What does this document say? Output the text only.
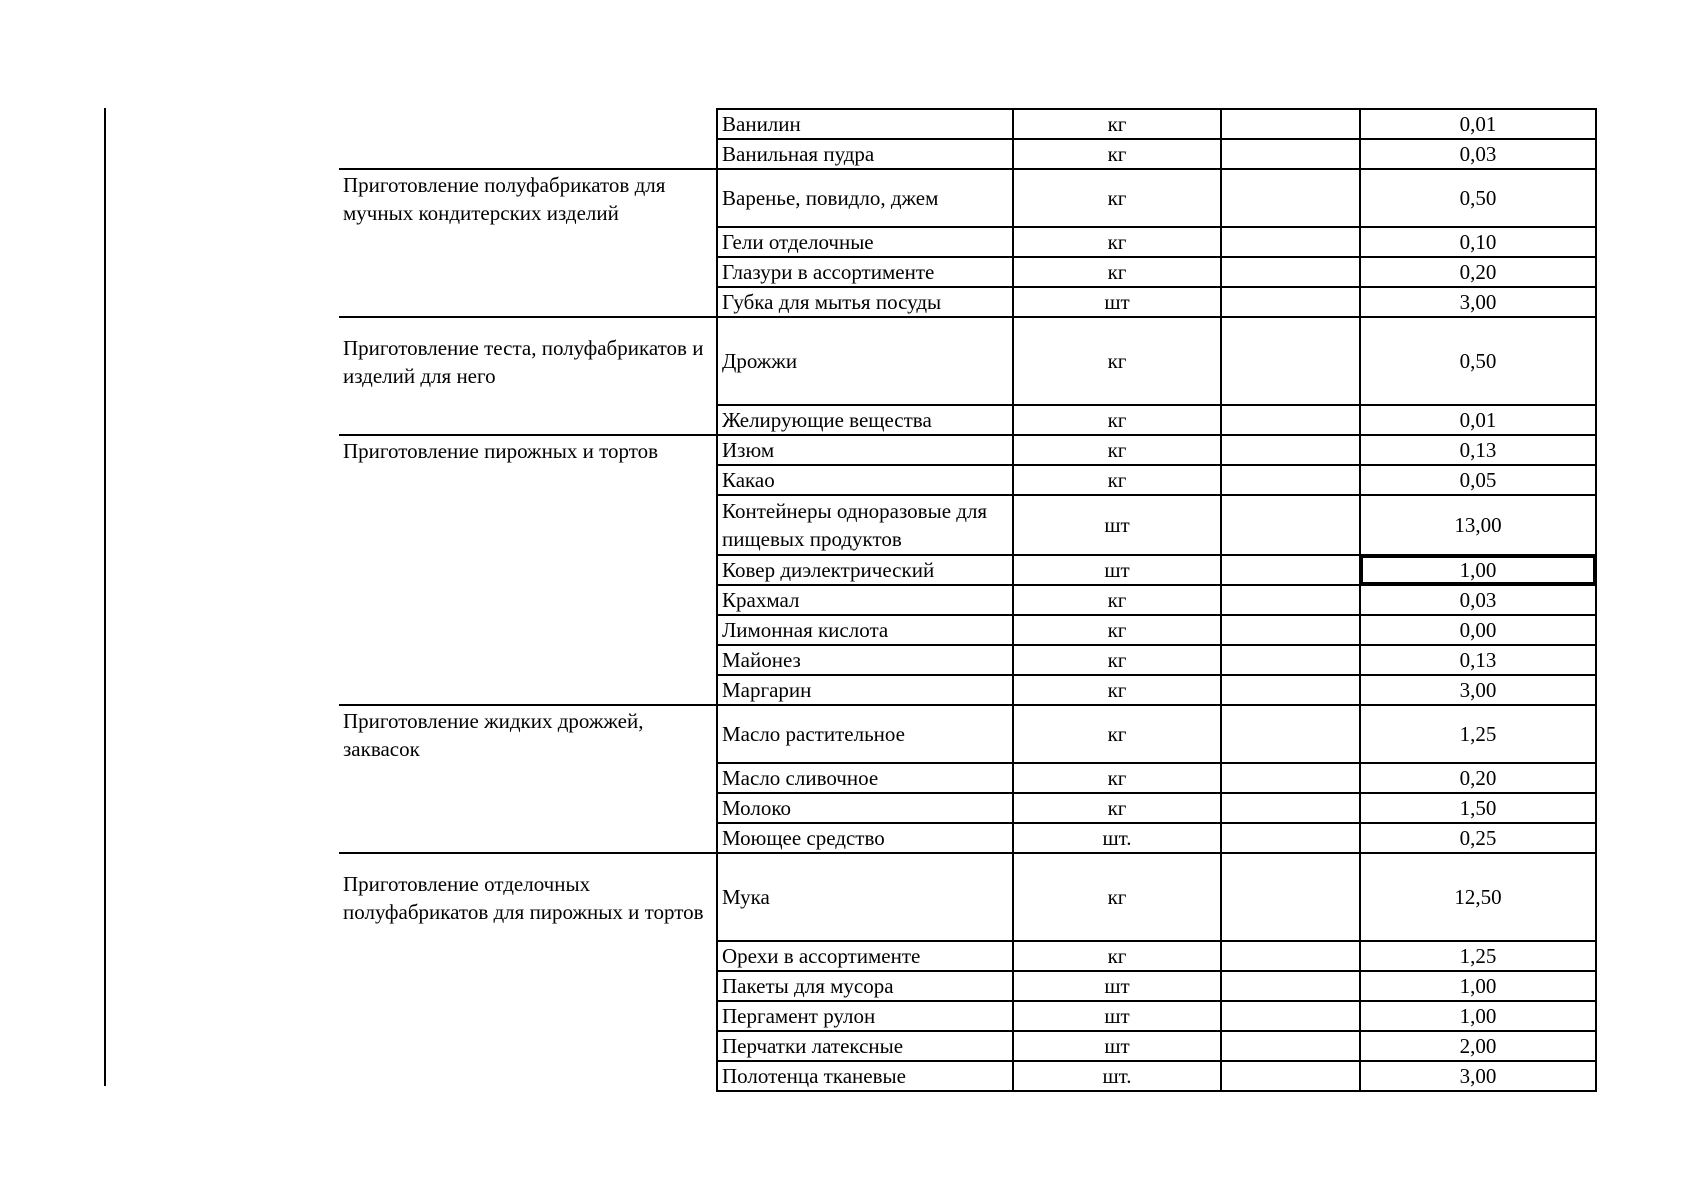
	Ванилин	кг		0,01
	Ванильная пудра	кг		0,03
Приготовление полуфабрикатов для мучных кондитерских изделий	Варенье, повидло, джем	кг		0,50
	Гели отделочные	кг		0,10
	Глазури в ассортименте	кг		0,20
	Губка для мытья посуды	шт		3,00
Приготовление теста, полуфабрикатов и изделий для него	Дрожжи	кг		0,50
	Желирующие вещества	кг		0,01
Приготовление пирожных и тортов	Изюм	кг		0,13
	Какао	кг		0,05
	Контейнеры одноразовые для пищевых продуктов	шт		13,00
	Ковер диэлектрический	шт		1,00
	Крахмал	кг		0,03
	Лимонная кислота	кг		0,00
	Майонез	кг		0,13
	Маргарин	кг		3,00
Приготовление жидких дрожжей, заквасок	Масло растительное	кг		1,25
	Масло сливочное	кг		0,20
	Молоко	кг		1,50
	Моющее средство	шт.		0,25
Приготовление отделочных полуфабрикатов для пирожных и тортов	Мука	кг		12,50
	Орехи в ассортименте	кг		1,25
	Пакеты для мусора	шт		1,00
	Пергамент рулон	шт		1,00
	Перчатки латексные	шт		2,00
	Полотенца тканевые	шт.		3,00
